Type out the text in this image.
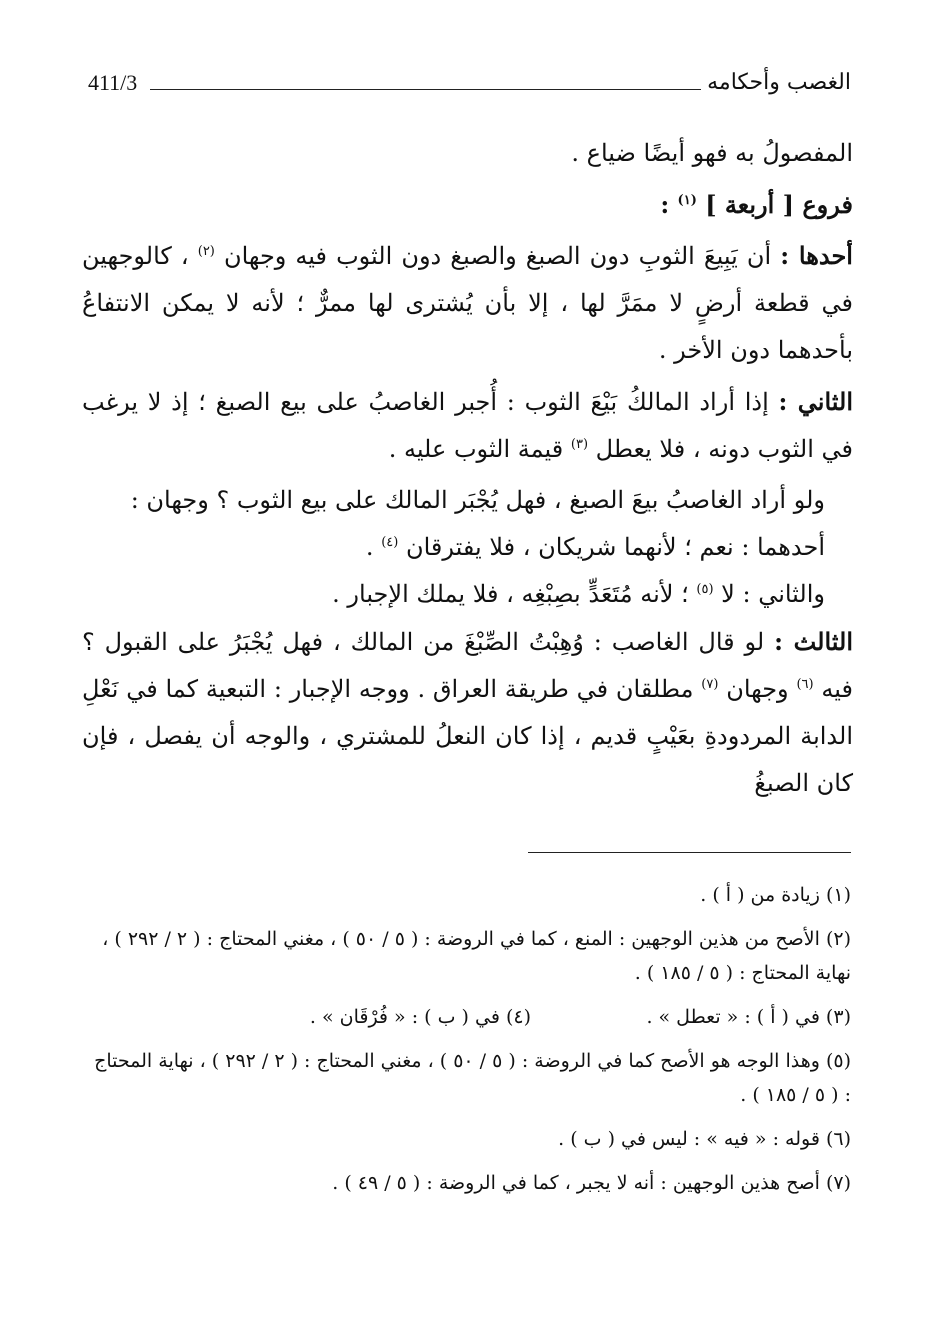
الغصب وأحكامه
411/3

المفصولُ به فهو أيضًا ضياع .

فروع [ أربعة ] $^{(١)}$ :

أحدها : أن يَبِيعَ الثوبِ دون الصبغ والصبغ دون الثوب فيه وجهان $^{(٢)}$ ، كالوجهين في قطعة أرضٍ لا ممَرَّ لها ، إلا بأن يُشترى لها ممرٌّ ؛ لأنه لا يمكن الانتفاعُ بأحدهما دون الأخر .

الثاني : إذا أراد المالكُ بَيْعَ الثوب : أُجبر الغاصبُ على بيع الصبغ ؛ إذ لا يرغب في الثوب دونه ، فلا يعطل $^{(٣)}$ قيمة الثوب عليه .

ولو أراد الغاصبُ بيعَ الصبغ ، فهل يُجْبَر المالك على بيع الثوب ؟ وجهان :

أحدهما : نعم ؛ لأنهما شريكان ، فلا يفترقان $^{(٤)}$ .

والثاني : لا $^{(٥)}$ ؛ لأنه مُتَعَدٍّ بصِبْغِه ، فلا يملك الإجبار .

الثالث : لو قال الغاصب : وُهِبْتُ الصِّبْغَ من المالك ، فهل يُجْبَرُ على القبول ؟ فيه $^{(٦)}$ وجهان $^{(٧)}$ مطلقان في طريقة العراق . ووجه الإجبار : التبعية كما في نَعْلِ الدابة المردودةِ بعَيْبٍ قديم ، إذا كان النعلُ للمشتري ، والوجه أن يفصل ، فإن كان الصبغُ

(١) زيادة من ( أ ) .

(٢) الأصح من هذين الوجهين : المنع ، كما في الروضة : ( ٥ / ٥٠ ) ، مغني المحتاج : ( ٢ / ٢٩٢ ) ، نهاية المحتاج : ( ٥ / ١٨٥ ) .

(٣) في ( أ ) : « تعطل » .
(٤) في ( ب ) : « فُرْقَان » .

(٥) وهذا الوجه هو الأصح كما في الروضة : ( ٥ / ٥٠ ) ، مغني المحتاج : ( ٢ / ٢٩٢ ) ، نهاية المحتاج : ( ٥ / ١٨٥ ) .

(٦) قوله : « فيه » : ليس في ( ب ) .

(٧) أصح هذين الوجهين : أنه لا يجبر ، كما في الروضة : ( ٥ / ٤٩ ) .
